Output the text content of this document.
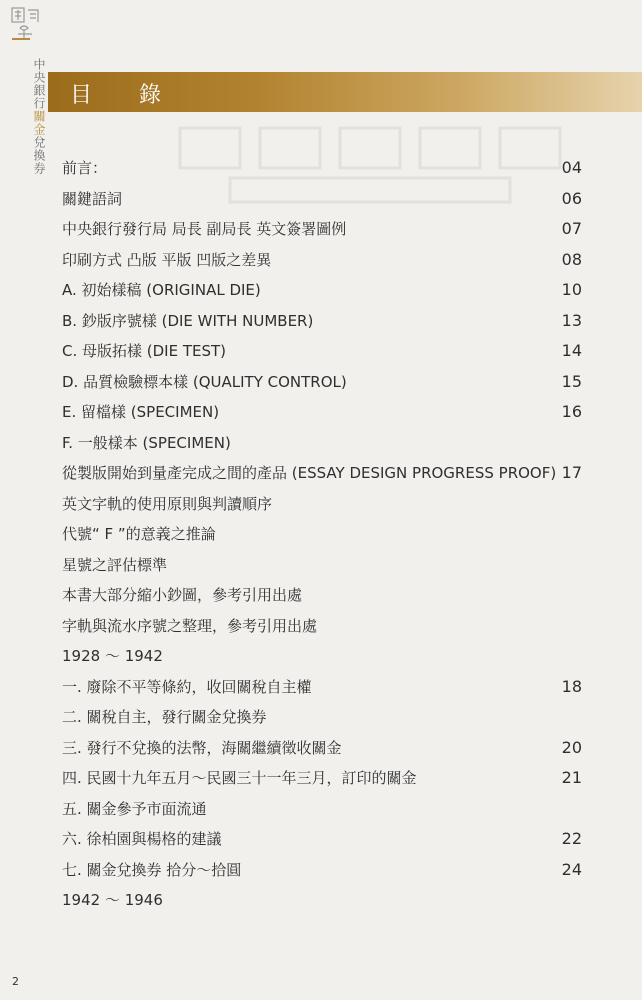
中央銀行關金兌換券
目 錄
前言：	04
關鍵語詞	06
中央銀行發行局 局長 副局長 英文簽署圖例	07
印刷方式 凸版 平版 凹版之差異	08
A. 初始樣稿 (ORIGINAL DIE)	10
B. 鈔版序號樣 (DIE WITH NUMBER)	13
C. 母版拓樣 (DIE TEST)	14
D. 品質檢驗標本樣 (QUALITY CONTROL)	15
E. 留檔樣 (SPECIMEN)	16
F. 一般樣本 (SPECIMEN)
從製版開始到量產完成之間的產品 (ESSAY DESIGN PROGRESS PROOF) 17
英文字軌的使用原則與判讀順序
代號“ F ”的意義之推論
星號之評估標準
本書大部分縮小鈔圖，參考引用出處
字軌與流水序號之整理，參考引用出處
1928 ～ 1942
一. 廢除不平等條約，收回關稅自主權	18
二. 關稅自主，發行關金兌換券
三. 發行不兌換的法幣，海關繼續徵收關金	20
四. 民國十九年五月～民國三十一年三月，訂印的關金	21
五. 關金參予市面流通
六. 徐柏園與楊格的建議	22
七. 關金兌換券 拾分～拾圓	24
1942 ～ 1946
2
